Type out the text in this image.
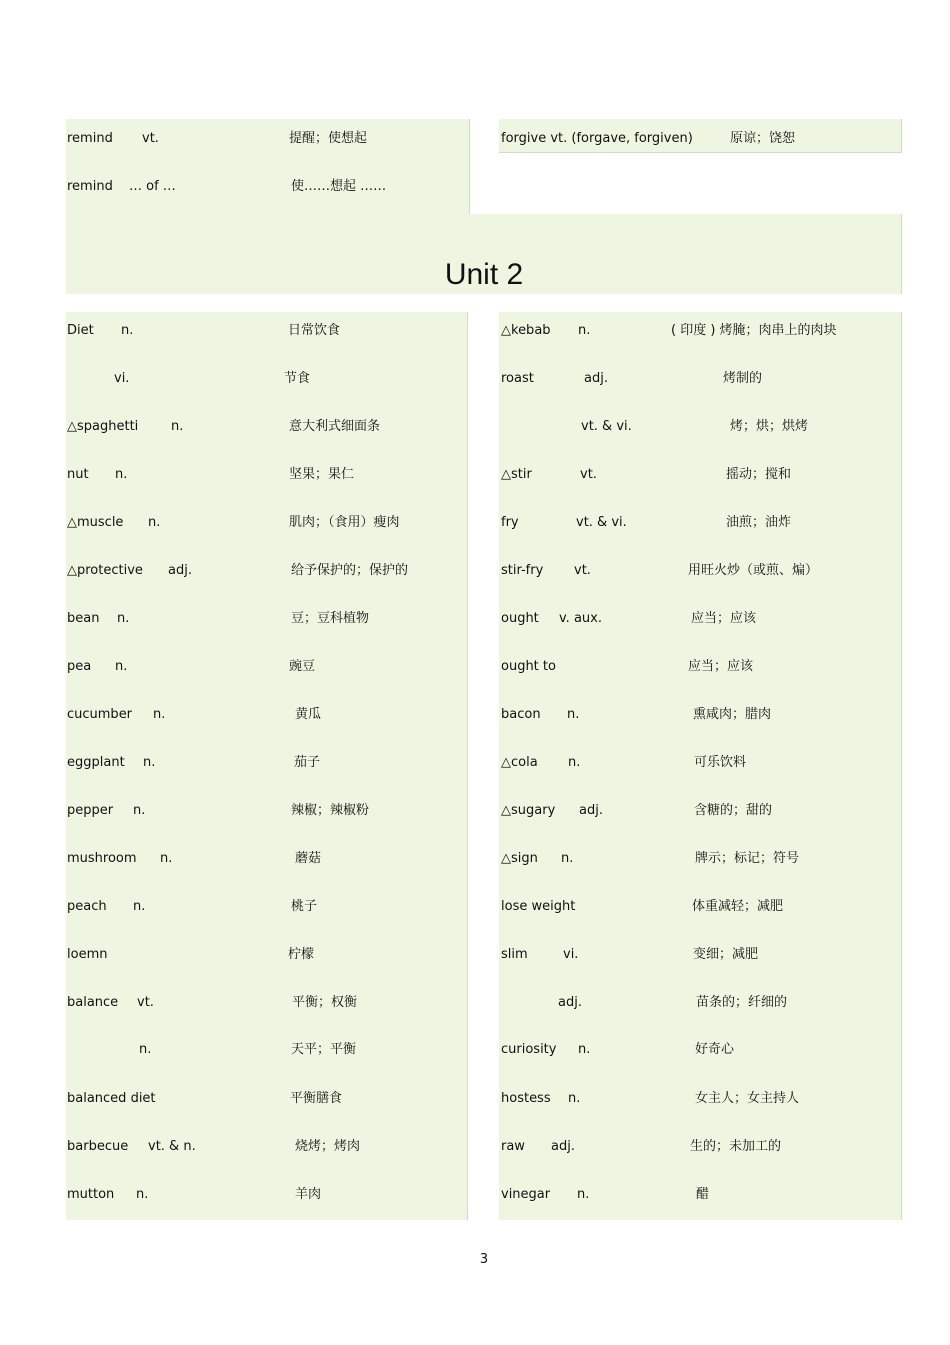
remind vt.	提醒；使想起
remind … of …	使……想起 ……
forgive vt. (forgave, forgiven)	原谅；饶恕
Unit 2
Diet n.	日常饮食
vi.	节食
△spaghetti	n.	意大利式细面条
nut n.	坚果；果仁
△muscle n.	肌肉；（食用）瘦肉
△protective adj.	给予保护的；保护的
bean n.	豆；豆科植物
pea n.	豌豆
cucumber n.	黄瓜
eggplant n.	茄子
pepper n.	辣椒；辣椒粉
mushroom n.	蘑菇
peach n.	桃子
loemn	柠檬
balance vt.	平衡；权衡
n.	天平；平衡
balanced diet	平衡膳食
barbecue vt. & n.	烧烤；烤肉
mutton n.	羊肉
△kebab n.	( 印度 ) 烤腌；肉串上的肉块
roast	adj.	烤制的
vt. & vi.	烤；烘；烘烤
△stir	vt.	摇动；搅和
fry	vt. & vi.	油煎；油炸
stir-fry vt.	用旺火炒（或煎、煸）
ought v. aux.	应当；应该
ought to	应当；应该
bacon n.	熏咸肉；腊肉
△cola n.	可乐饮料
△sugary adj.	含糖的；甜的
△sign n.	牌示；标记；符号
lose weight	体重减轻；减肥
slim	vi.	变细；减肥
adj.	苗条的；纤细的
curiosity n.	好奇心
hostess n.	女主人；女主持人
raw adj.	生的；未加工的
vinegar n.	醋
3
